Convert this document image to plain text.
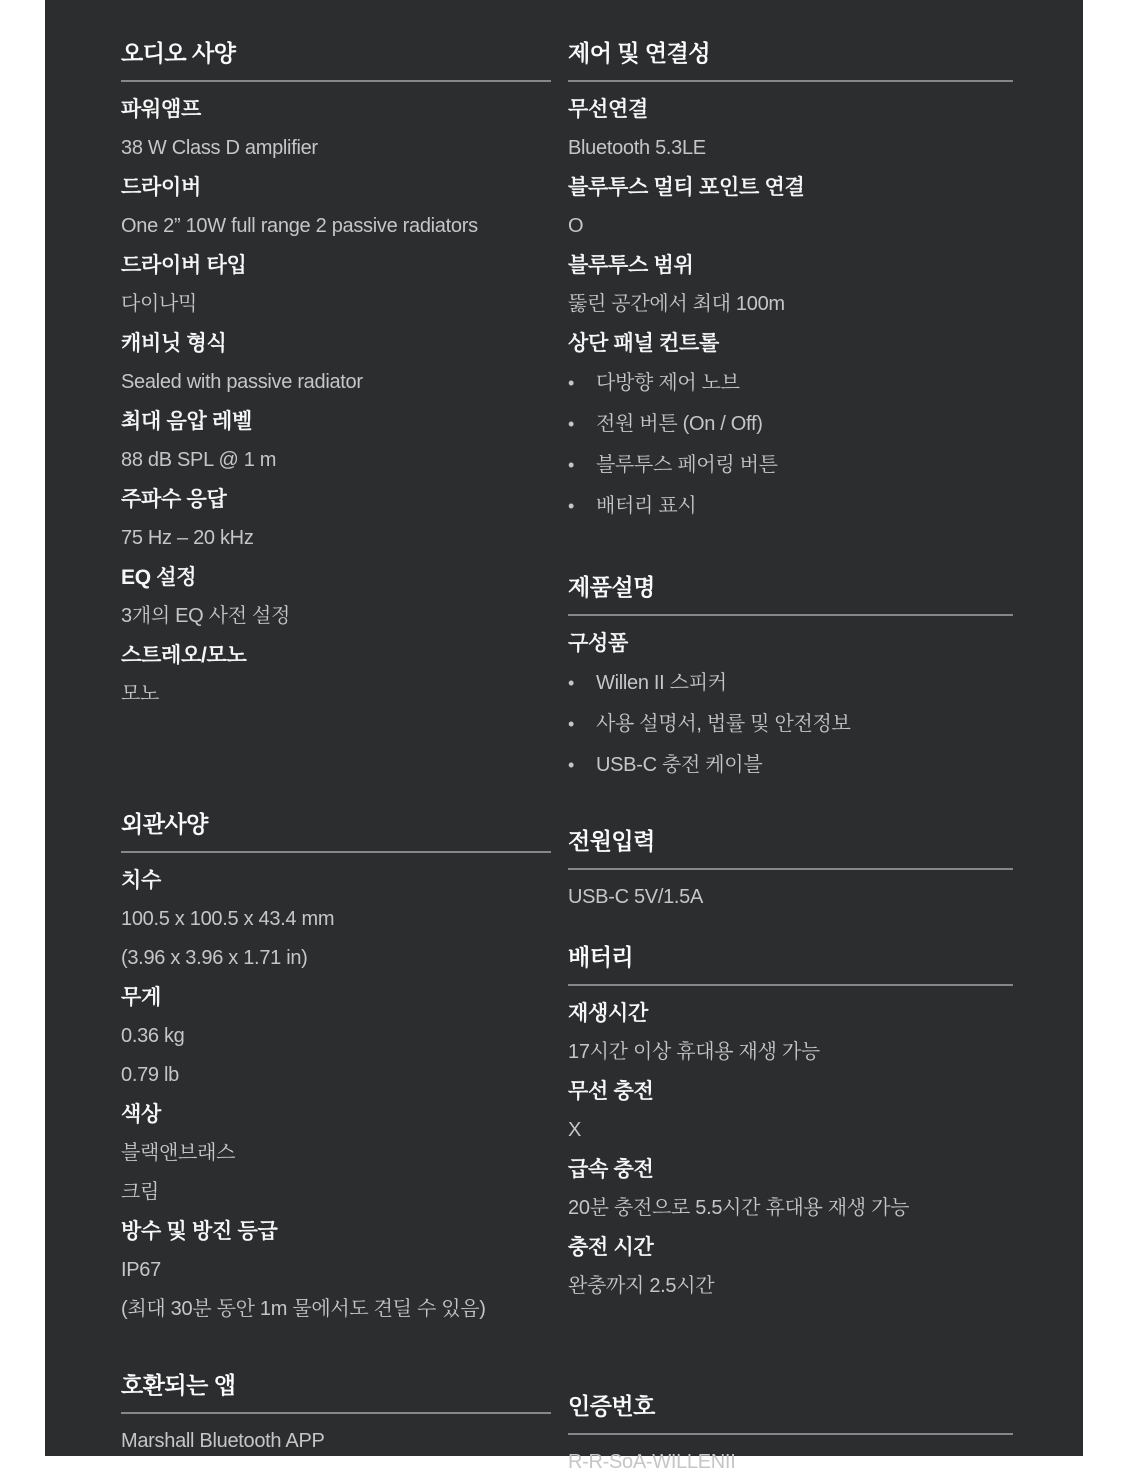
오디오 사양
파워앰프
38 W Class D amplifier
드라이버
One 2” 10W full range 2 passive radiators
드라이버 타입
다이나믹
캐비닛 형식
Sealed with passive radiator
최대 음압 레벨
88 dB SPL @ 1 m
주파수 응답
75 Hz – 20 kHz
EQ 설정
3개의 EQ 사전 설정
스트레오/모노
모노
외관사양
치수
100.5 x 100.5 x 43.4 mm
(3.96 x 3.96 x 1.71 in)
무게
0.36 kg
0.79 lb
색상
블랙앤브래스
크림
방수 및 방진 등급
IP67
(최대 30분 동안 1m 물에서도 견딜 수 있음)
호환되는 앱
Marshall Bluetooth APP
제어 및 연결성
무선연결
Bluetooth 5.3LE
블루투스 멀티 포인트 연결
O
블루투스 범위
뚫린 공간에서 최대 100m
상단 패널 컨트롤
•	다방향 제어 노브
•	전원 버튼 (On / Off)
•	블루투스 페어링 버튼
•	배터리 표시
제품설명
구성품
•	Willen II 스피커
•	사용 설명서, 법률 및 안전정보
•	USB-C 충전 케이블
전원입력
USB-C 5V/1.5A
배터리
재생시간
17시간 이상 휴대용 재생 가능
무선 충전
X
급속 충전
20분 충전으로 5.5시간 휴대용 재생 가능
충전 시간
완충까지 2.5시간
인증번호
R-R-SoA-WILLENII
